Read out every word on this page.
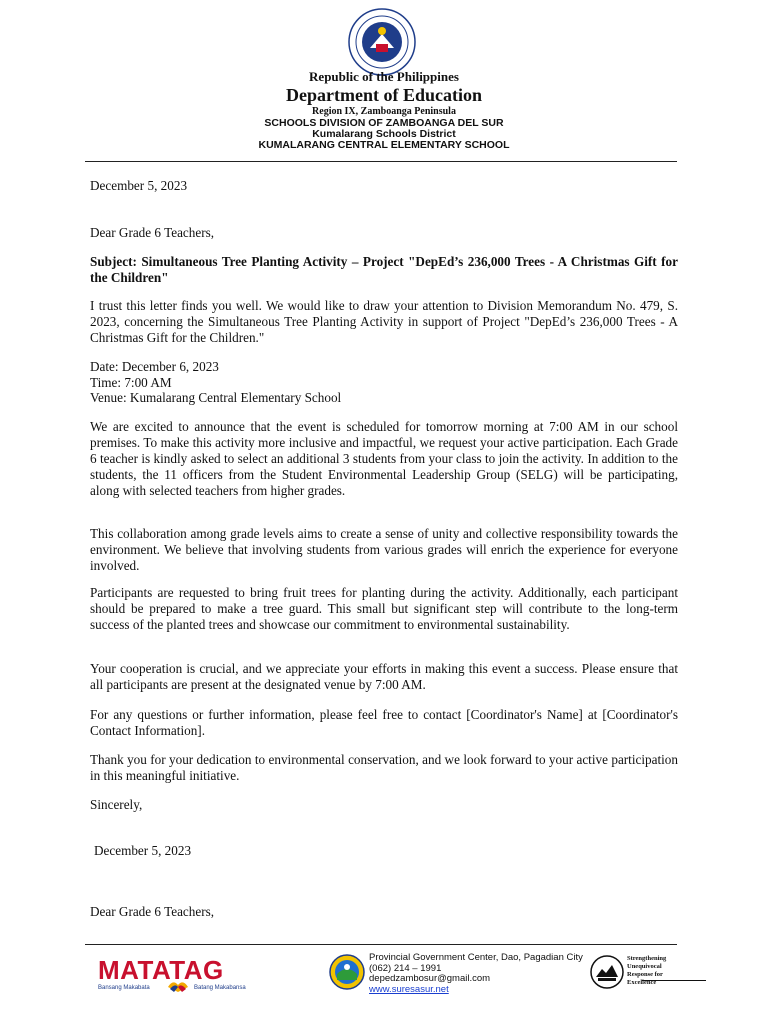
Republic of the Philippines
Department of Education
Region IX, Zamboanga Peninsula
SCHOOLS DIVISION OF ZAMBOANGA DEL SUR
Kumalarang Schools District
KUMALARANG CENTRAL ELEMENTARY SCHOOL

December 5, 2023

Dear Grade 6 Teachers,

Subject: Simultaneous Tree Planting Activity – Project "DepEd’s 236,000 Trees - A Christmas Gift for the Children"

I trust this letter finds you well. We would like to draw your attention to Division Memorandum No. 479, S. 2023, concerning the Simultaneous Tree Planting Activity in support of Project "DepEd’s 236,000 Trees - A Christmas Gift for the Children."

Date: December 6, 2023

Time: 7:00 AM

Venue: Kumalarang Central Elementary School

We are excited to announce that the event is scheduled for tomorrow morning at 7:00 AM in our school premises. To make this activity more inclusive and impactful, we request your active participation. Each Grade 6 teacher is kindly asked to select an additional 3 students from your class to join the activity. In addition to the students, the 11 officers from the Student Environmental Leadership Group (SELG) will be participating, along with selected teachers from higher grades.

This collaboration among grade levels aims to create a sense of unity and collective responsibility towards the environment. We believe that involving students from various grades will enrich the experience for everyone involved.

Participants are requested to bring fruit trees for planting during the activity. Additionally, each participant should be prepared to make a tree guard. This small but significant step will contribute to the long-term success of the planted trees and showcase our commitment to environmental sustainability.

Your cooperation is crucial, and we appreciate your efforts in making this event a success. Please ensure that all participants are present at the designated venue by 7:00 AM.

For any questions or further information, please feel free to contact [Coordinator's Name] at [Coordinator's Contact Information].

Thank you for your dedication to environmental conservation, and we look forward to your active participation in this meaningful initiative.

Sincerely,

December 5, 2023

Dear Grade 6 Teachers,

MATATAG
Bansang Makabata	Batang Makabansa
Provincial Government Center, Dao, Pagadian City
(062) 214 – 1991
depedzambosur@gmail.com
www.suresasur.net
Strengthening
Unequivocal
Response for
Excellence
